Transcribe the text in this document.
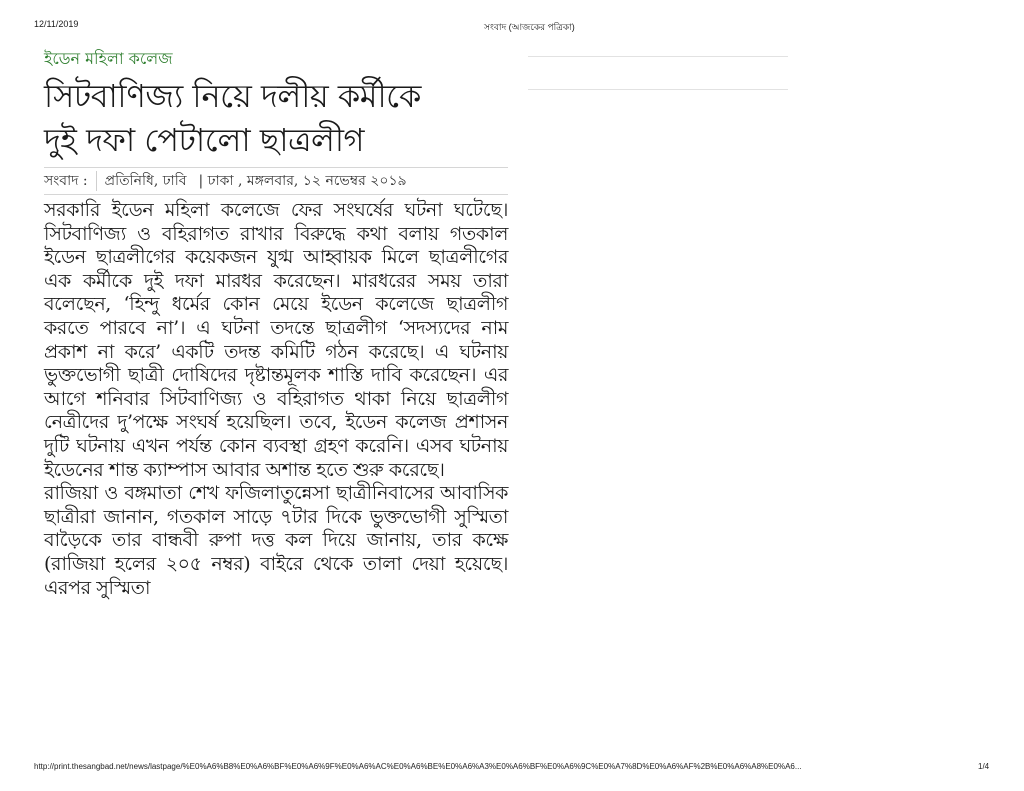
12/11/2019	সংবাদ (আজকের পত্রিকা)
ইডেন মহিলা কলেজ
সিটবাণিজ্য নিয়ে দলীয় কর্মীকে
দুই দফা পেটালো ছাত্রলীগ
সংবাদ :	প্রতিনিধি, ঢাবি | ঢাকা , মঙ্গলবার, ১২ নভেম্বর ২০১৯

সরকারি ইডেন মহিলা কলেজে ফের সংঘর্ষের ঘটনা ঘটেছে। সিটবাণিজ্য ও বহিরাগত রাখার বিরুদ্ধে কথা বলায় গতকাল ইডেন ছাত্রলীগের কয়েকজন যুগ্ম আহ্বায়ক মিলে ছাত্রলীগের এক কর্মীকে দুই দফা মারধর করেছেন। মারধরের সময় তারা বলেছেন, ‘হিন্দু ধর্মের কোন মেয়ে ইডেন কলেজে ছাত্রলীগ করতে পারবে না’। এ ঘটনা তদন্তে ছাত্রলীগ ‘সদস্যদের নাম প্রকাশ না করে’ একটি তদন্ত কমিটি গঠন করেছে। এ ঘটনায় ভুক্তভোগী ছাত্রী দোষিদের দৃষ্টান্তমূলক শাস্তি দাবি করেছেন। এর আগে শনিবার সিটবাণিজ্য ও বহিরাগত থাকা নিয়ে ছাত্রলীগ নেত্রীদের দু’পক্ষে সংঘর্ষ হয়েছিল। তবে, ইডেন কলেজ প্রশাসন দুটি ঘটনায় এখন পর্যন্ত কোন ব্যবস্থা গ্রহণ করেনি। এসব ঘটনায় ইডেনের শান্ত ক্যাম্পাস আবার অশান্ত হতে শুরু করেছে।

রাজিয়া ও বঙ্গমাতা শেখ ফজিলাতুন্নেসা ছাত্রীনিবাসের আবাসিক ছাত্রীরা জানান, গতকাল সাড়ে ৭টার দিকে ভুক্তভোগী সুস্মিতা বাড়ৈকে তার বান্ধবী রুপা দত্ত কল দিয়ে জানায়, তার কক্ষে (রাজিয়া হলের ২০৫ নম্বর) বাইরে থেকে তালা দেয়া হয়েছে। এরপর সুস্মিতা

http://print.thesangbad.net/news/lastpage/%E0%A6%B8%E0%A6%BF%E0%A6%9F%E0%A6%AC%E0%A6%BE%E0%A6%A3%E0%A6%BF%E0%A6%9C%E0%A7%8D%E0%A6%AF%2B%E0%A6%A8%E0%A6...	1/4
